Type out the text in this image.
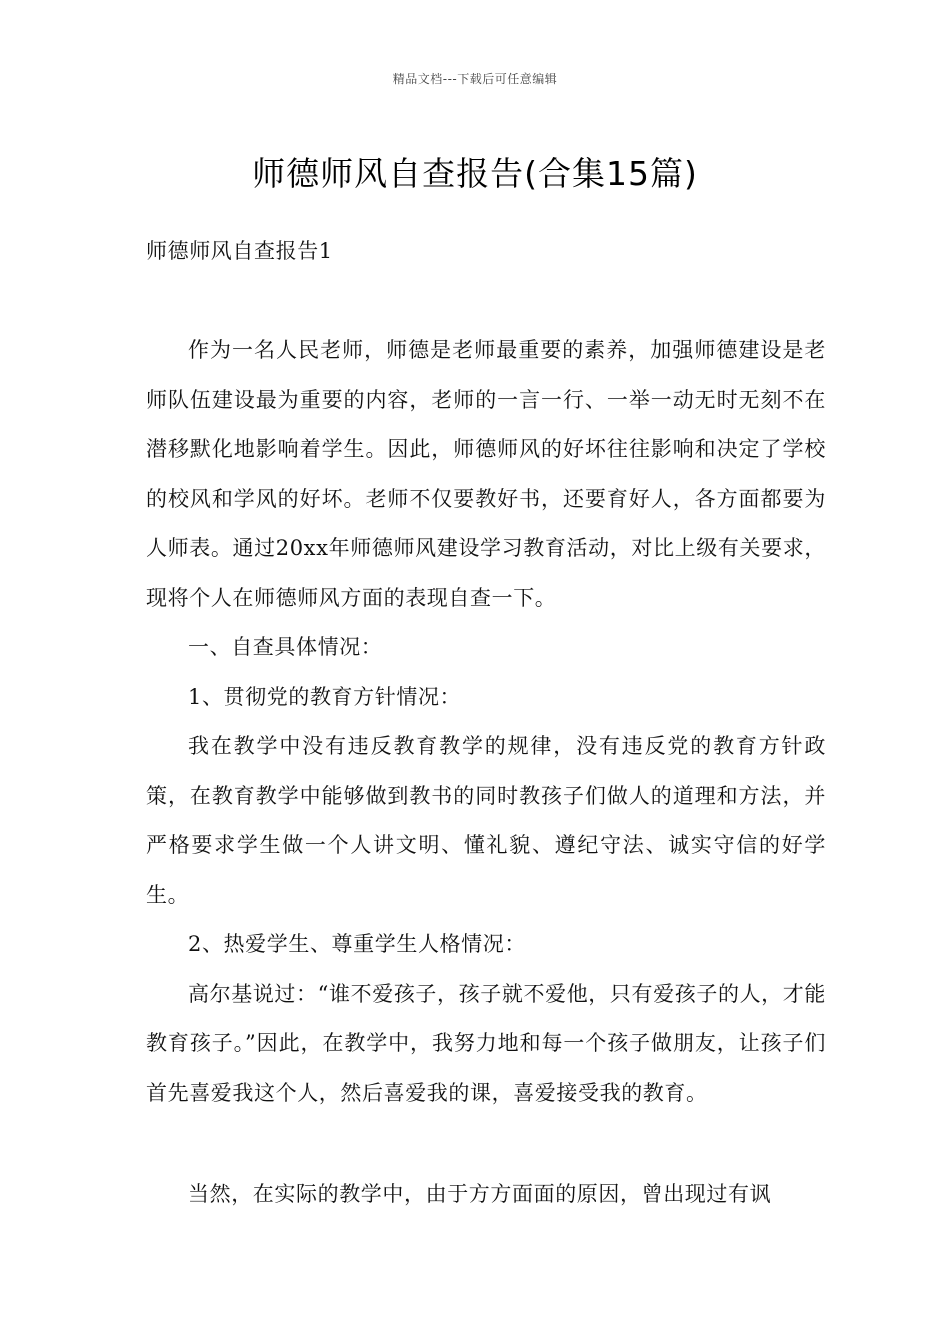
精品文档---下载后可任意编辑
师德师风自查报告(合集15篇)
师德师风自查报告1

作为一名人民老师，师德是老师最重要的素养，加强师德建设是老师队伍建设最为重要的内容，老师的一言一行、一举一动无时无刻不在潜移默化地影响着学生。因此，师德师风的好坏往往影响和决定了学校的校风和学风的好坏。老师不仅要教好书，还要育好人，各方面都要为人师表。通过20xx年师德师风建设学习教育活动，对比上级有关要求，现将个人在师德师风方面的表现自查一下。

一、自查具体情况：

1、贯彻党的教育方针情况：

我在教学中没有违反教育教学的规律，没有违反党的教育方针政策，在教育教学中能够做到教书的同时教孩子们做人的道理和方法，并严格要求学生做一个人讲文明、懂礼貌、遵纪守法、诚实守信的好学生。

2、热爱学生、尊重学生人格情况：

高尔基说过：“谁不爱孩子，孩子就不爱他，只有爱孩子的人，才能教育孩子。”因此，在教学中，我努力地和每一个孩子做朋友，让孩子们首先喜爱我这个人，然后喜爱我的课，喜爱接受我的教育。

当然，在实际的教学中，由于方方面面的原因，曾出现过有讽
